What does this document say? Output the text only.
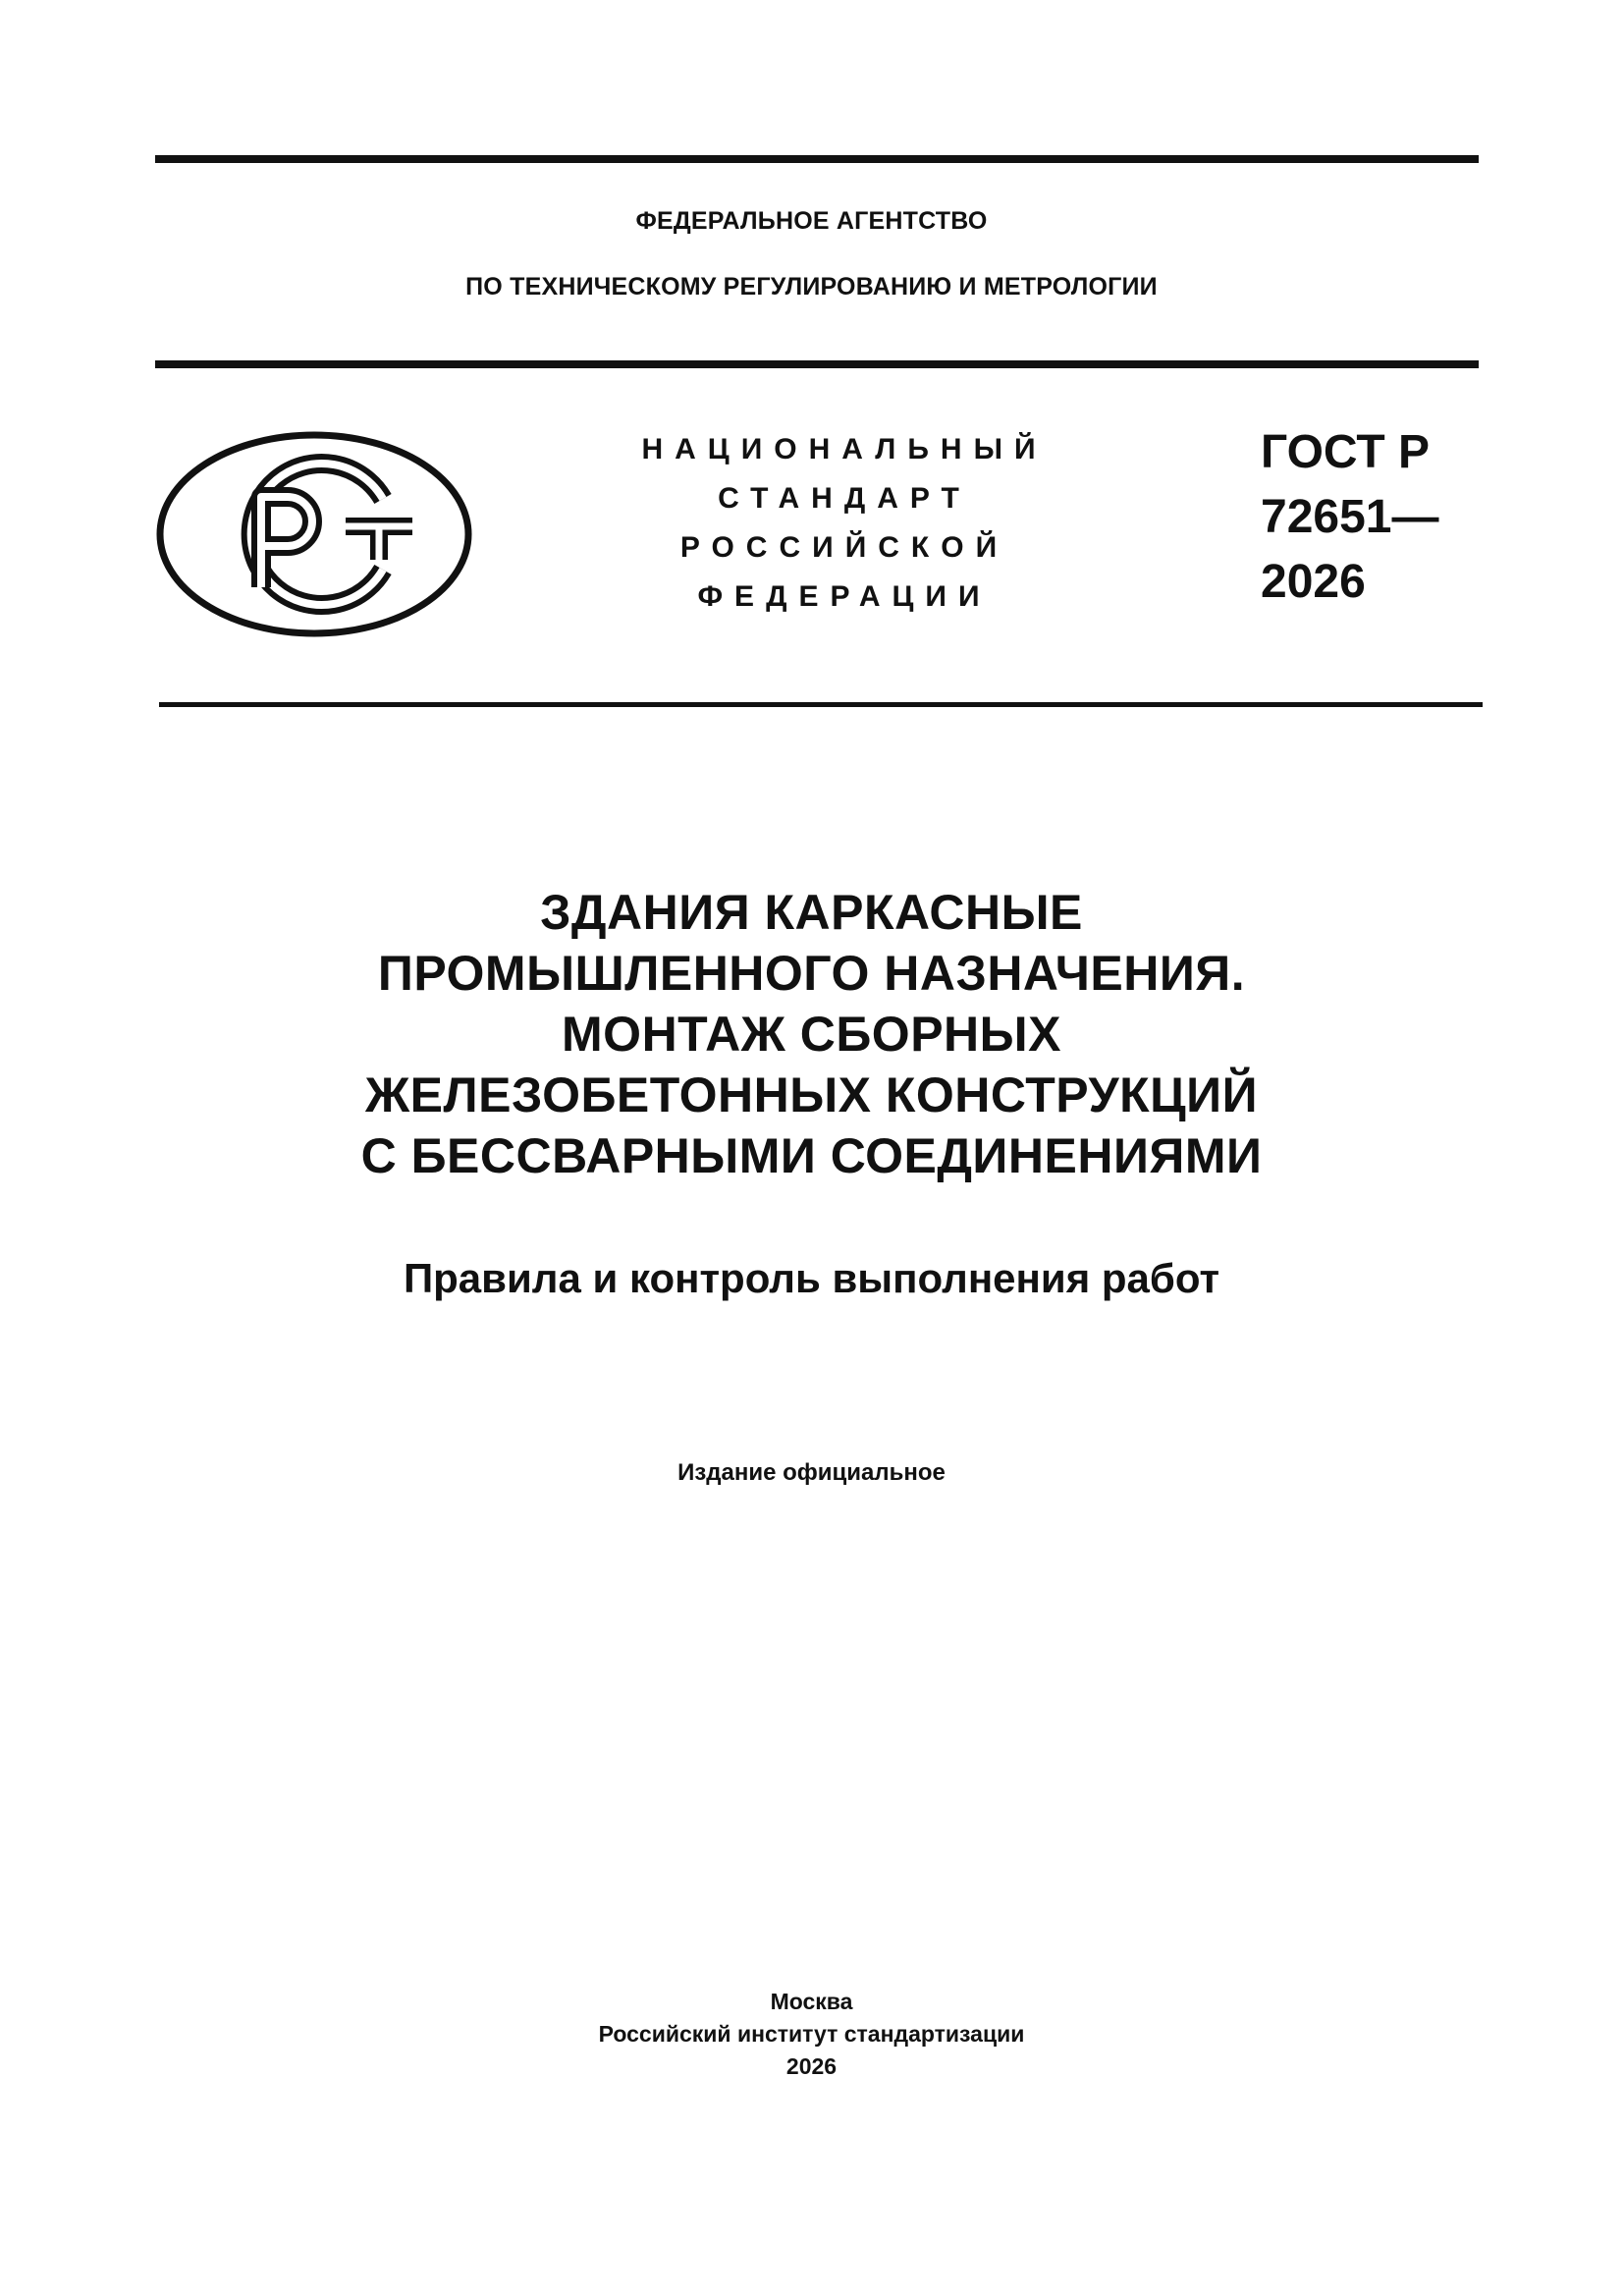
ФЕДЕРАЛЬНОЕ АГЕНТСТВО
ПО ТЕХНИЧЕСКОМУ РЕГУЛИРОВАНИЮ И МЕТРОЛОГИИ
НАЦИОНАЛЬНЫЙ
СТАНДАРТ
РОССИЙСКОЙ
ФЕДЕРАЦИИ
ГОСТ Р
72651—
2026
ЗДАНИЯ КАРКАСНЫЕ
ПРОМЫШЛЕННОГО НАЗНАЧЕНИЯ.
МОНТАЖ СБОРНЫХ
ЖЕЛЕЗОБЕТОННЫХ КОНСТРУКЦИЙ
С БЕССВАРНЫМИ СОЕДИНЕНИЯМИ
Правила и контроль выполнения работ
Издание официальное
Москва
Российский институт стандартизации
2026
